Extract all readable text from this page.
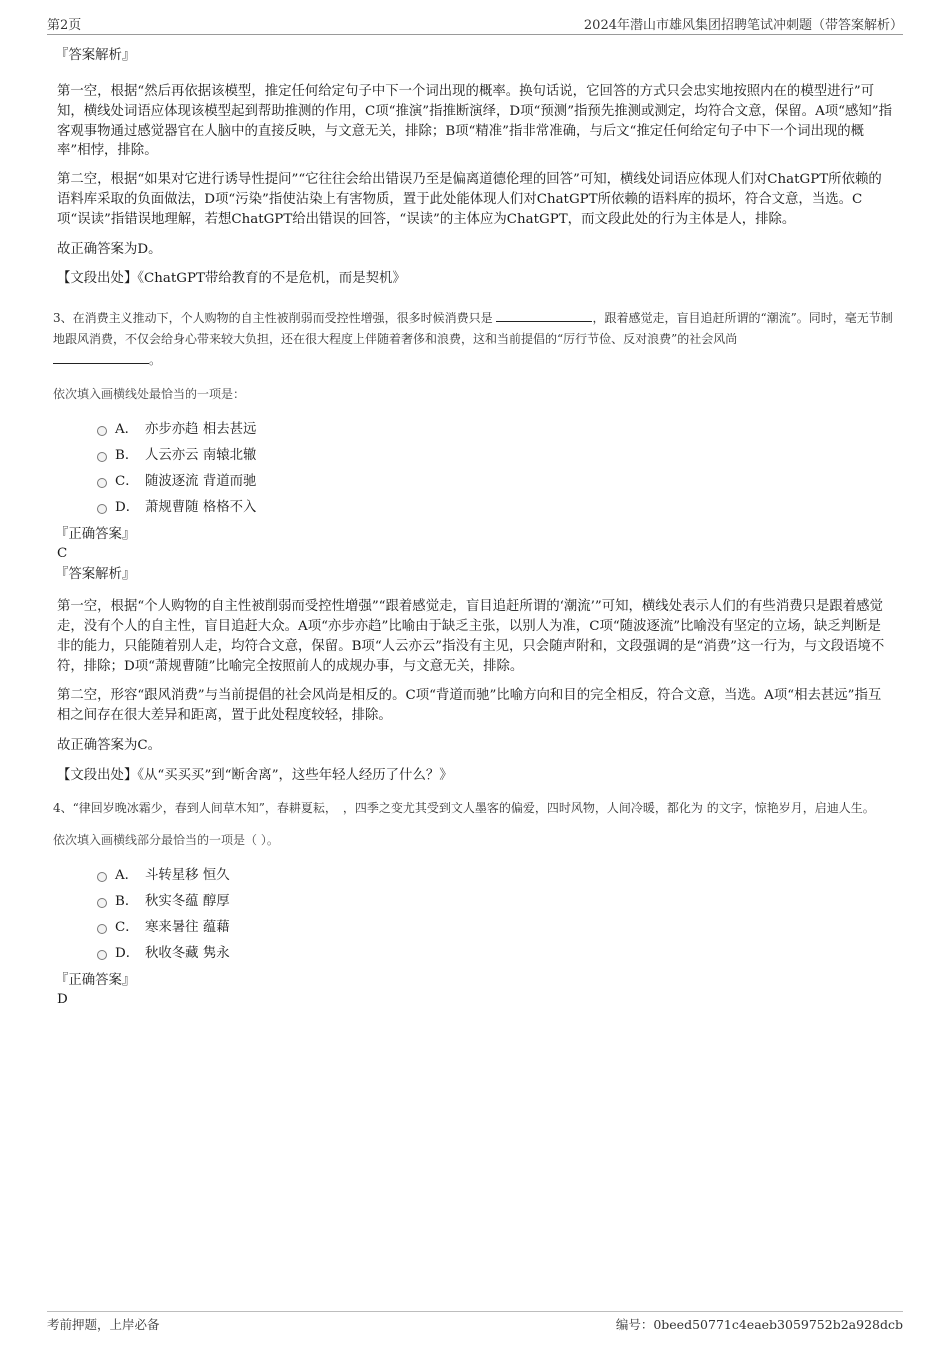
第2页	2024年潜山市雄风集团招聘笔试冲刺题（带答案解析）
『答案解析』

第一空，根据“然后再依据该模型，推定任何给定句子中下一个词出现的概率。换句话说，它回答的方式只会忠实地按照内在的模型进行”可知，横线处词语应体现该模型起到帮助推测的作用，C项“推演”指推断演绎，D项“预测”指预先推测或测定，均符合文意，保留。A项“感知”指客观事物通过感觉器官在人脑中的直接反映，与文意无关，排除；B项“精准”指非常准确，与后文“推定任何给定句子中下一个词出现的概率”相悖，排除。

第二空，根据“如果对它进行诱导性提问”“它往往会给出错误乃至是偏离道德伦理的回答”可知，横线处词语应体现人们对ChatGPT所依赖的语料库采取的负面做法，D项“污染”指使沾染上有害物质，置于此处能体现人们对ChatGPT所依赖的语料库的损坏，符合文意，当选。C项“误读”指错误地理解，若想ChatGPT给出错误的回答，“误读”的主体应为ChatGPT，而文段此处的行为主体是人，排除。

故正确答案为D。

【文段出处】《ChatGPT带给教育的不是危机，而是契机》

3、在消费主义推动下，个人购物的自主性被削弱而受控性增强，很多时候消费只是	，跟着感觉走，盲目追赶所谓的“潮流”。同时，毫无节制地跟风消费，不仅会给身心带来较大负担，还在很大程度上伴随着奢侈和浪费，这和当前提倡的“厉行节俭、反对浪费”的社会风尚
。

依次填入画横线处最恰当的一项是：

A． 亦步亦趋 相去甚远
B． 人云亦云 南辕北辙
C． 随波逐流 背道而驰
D． 萧规曹随 格格不入
『正确答案』
C
『答案解析』

第一空，根据“个人购物的自主性被削弱而受控性增强”“跟着感觉走，盲目追赶所谓的‘潮流’”可知，横线处表示人们的有些消费只是跟着感觉走，没有个人的自主性，盲目追赶大众。A项“亦步亦趋”比喻由于缺乏主张，以别人为准，C项“随波逐流”比喻没有坚定的立场，缺乏判断是非的能力，只能随着别人走，均符合文意，保留。B项“人云亦云”指没有主见，只会随声附和，文段强调的是“消费”这一行为，与文段语境不符，排除；D项“萧规曹随”比喻完全按照前人的成规办事，与文意无关，排除。

第二空，形容“跟风消费”与当前提倡的社会风尚是相反的。C项“背道而驰”比喻方向和目的完全相反，符合文意，当选。A项“相去甚远”指互相之间存在很大差异和距离，置于此处程度较轻，排除。

故正确答案为C。

【文段出处】《从“买买买”到“断舍离”，这些年轻人经历了什么？》

4、“律回岁晚冰霜少，春到人间草木知”，春耕夏耘，　，四季之变尤其受到文人墨客的偏爱，四时风物，人间冷暖，都化为 的文字，惊艳岁月，启迪人生。

依次填入画横线部分最恰当的一项是（ ）。

A． 斗转星移 恒久
B． 秋实冬蕴 醇厚
C． 寒来暑往 蕴藉
D． 秋收冬藏 隽永
『正确答案』
D
考前押题，上岸必备	编号：0beed50771c4eaeb3059752b2a928dcb
